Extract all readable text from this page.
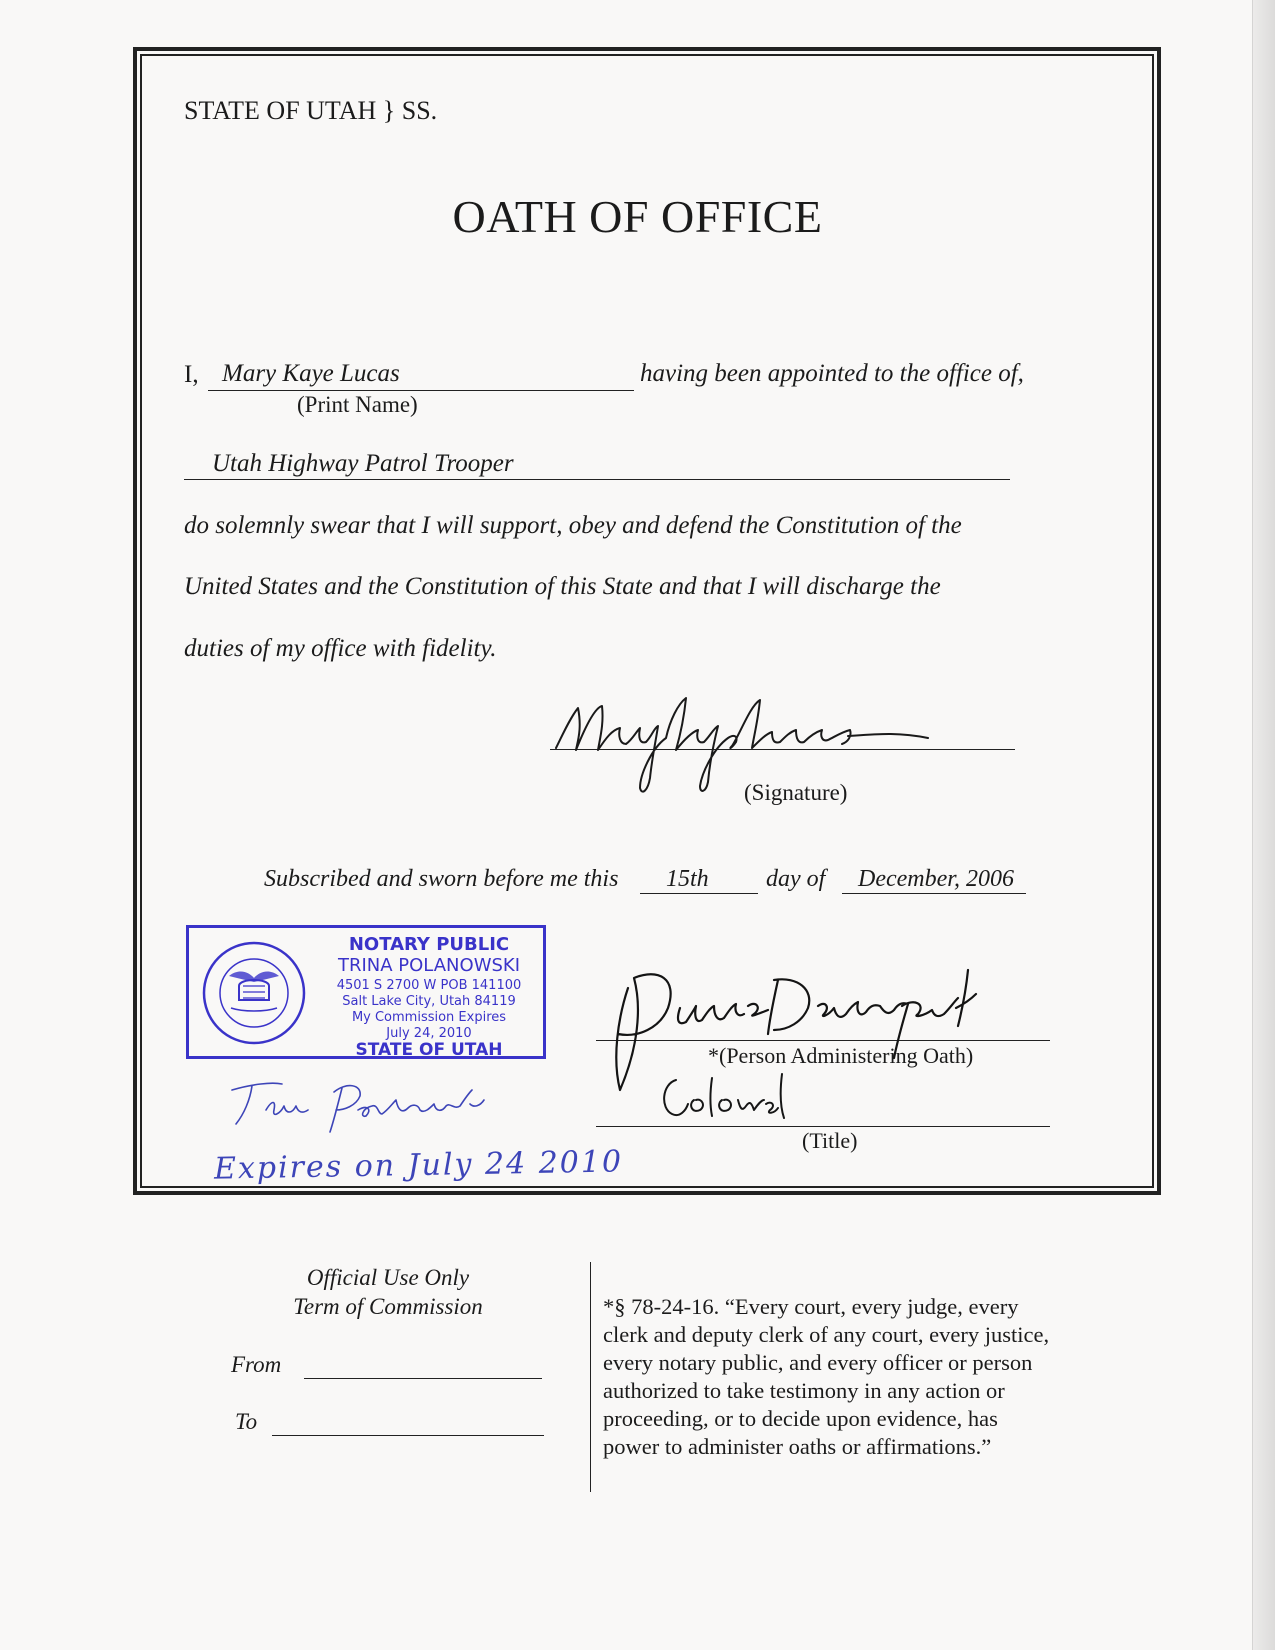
STATE OF UTAH } SS.
OATH OF OFFICE
I, Mary Kaye Lucas	having been appointed to the office of,
(Print Name)
Utah Highway Patrol Trooper
do solemnly swear that I will support, obey and defend the Constitution of the
United States and the Constitution of this State and that I will discharge the
duties of my office with fidelity.
(Signature)
Subscribed and sworn before me this 15th day of December, 2006
NOTARY PUBLIC
TRINA POLANOWSKI
4501 S 2700 W POB 141100
Salt Lake City, Utah 84119
My Commission Expires
July 24, 2010
STATE OF UTAH
Expires on July 24 2010
*(Person Administering Oath)
(Title)
Official Use Only
Term of Commission
From
To
*§ 78-24-16. “Every court, every judge, every
clerk and deputy clerk of any court, every justice,
every notary public, and every officer or person
authorized to take testimony in any action or
proceeding, or to decide upon evidence, has
power to administer oaths or affirmations.”
